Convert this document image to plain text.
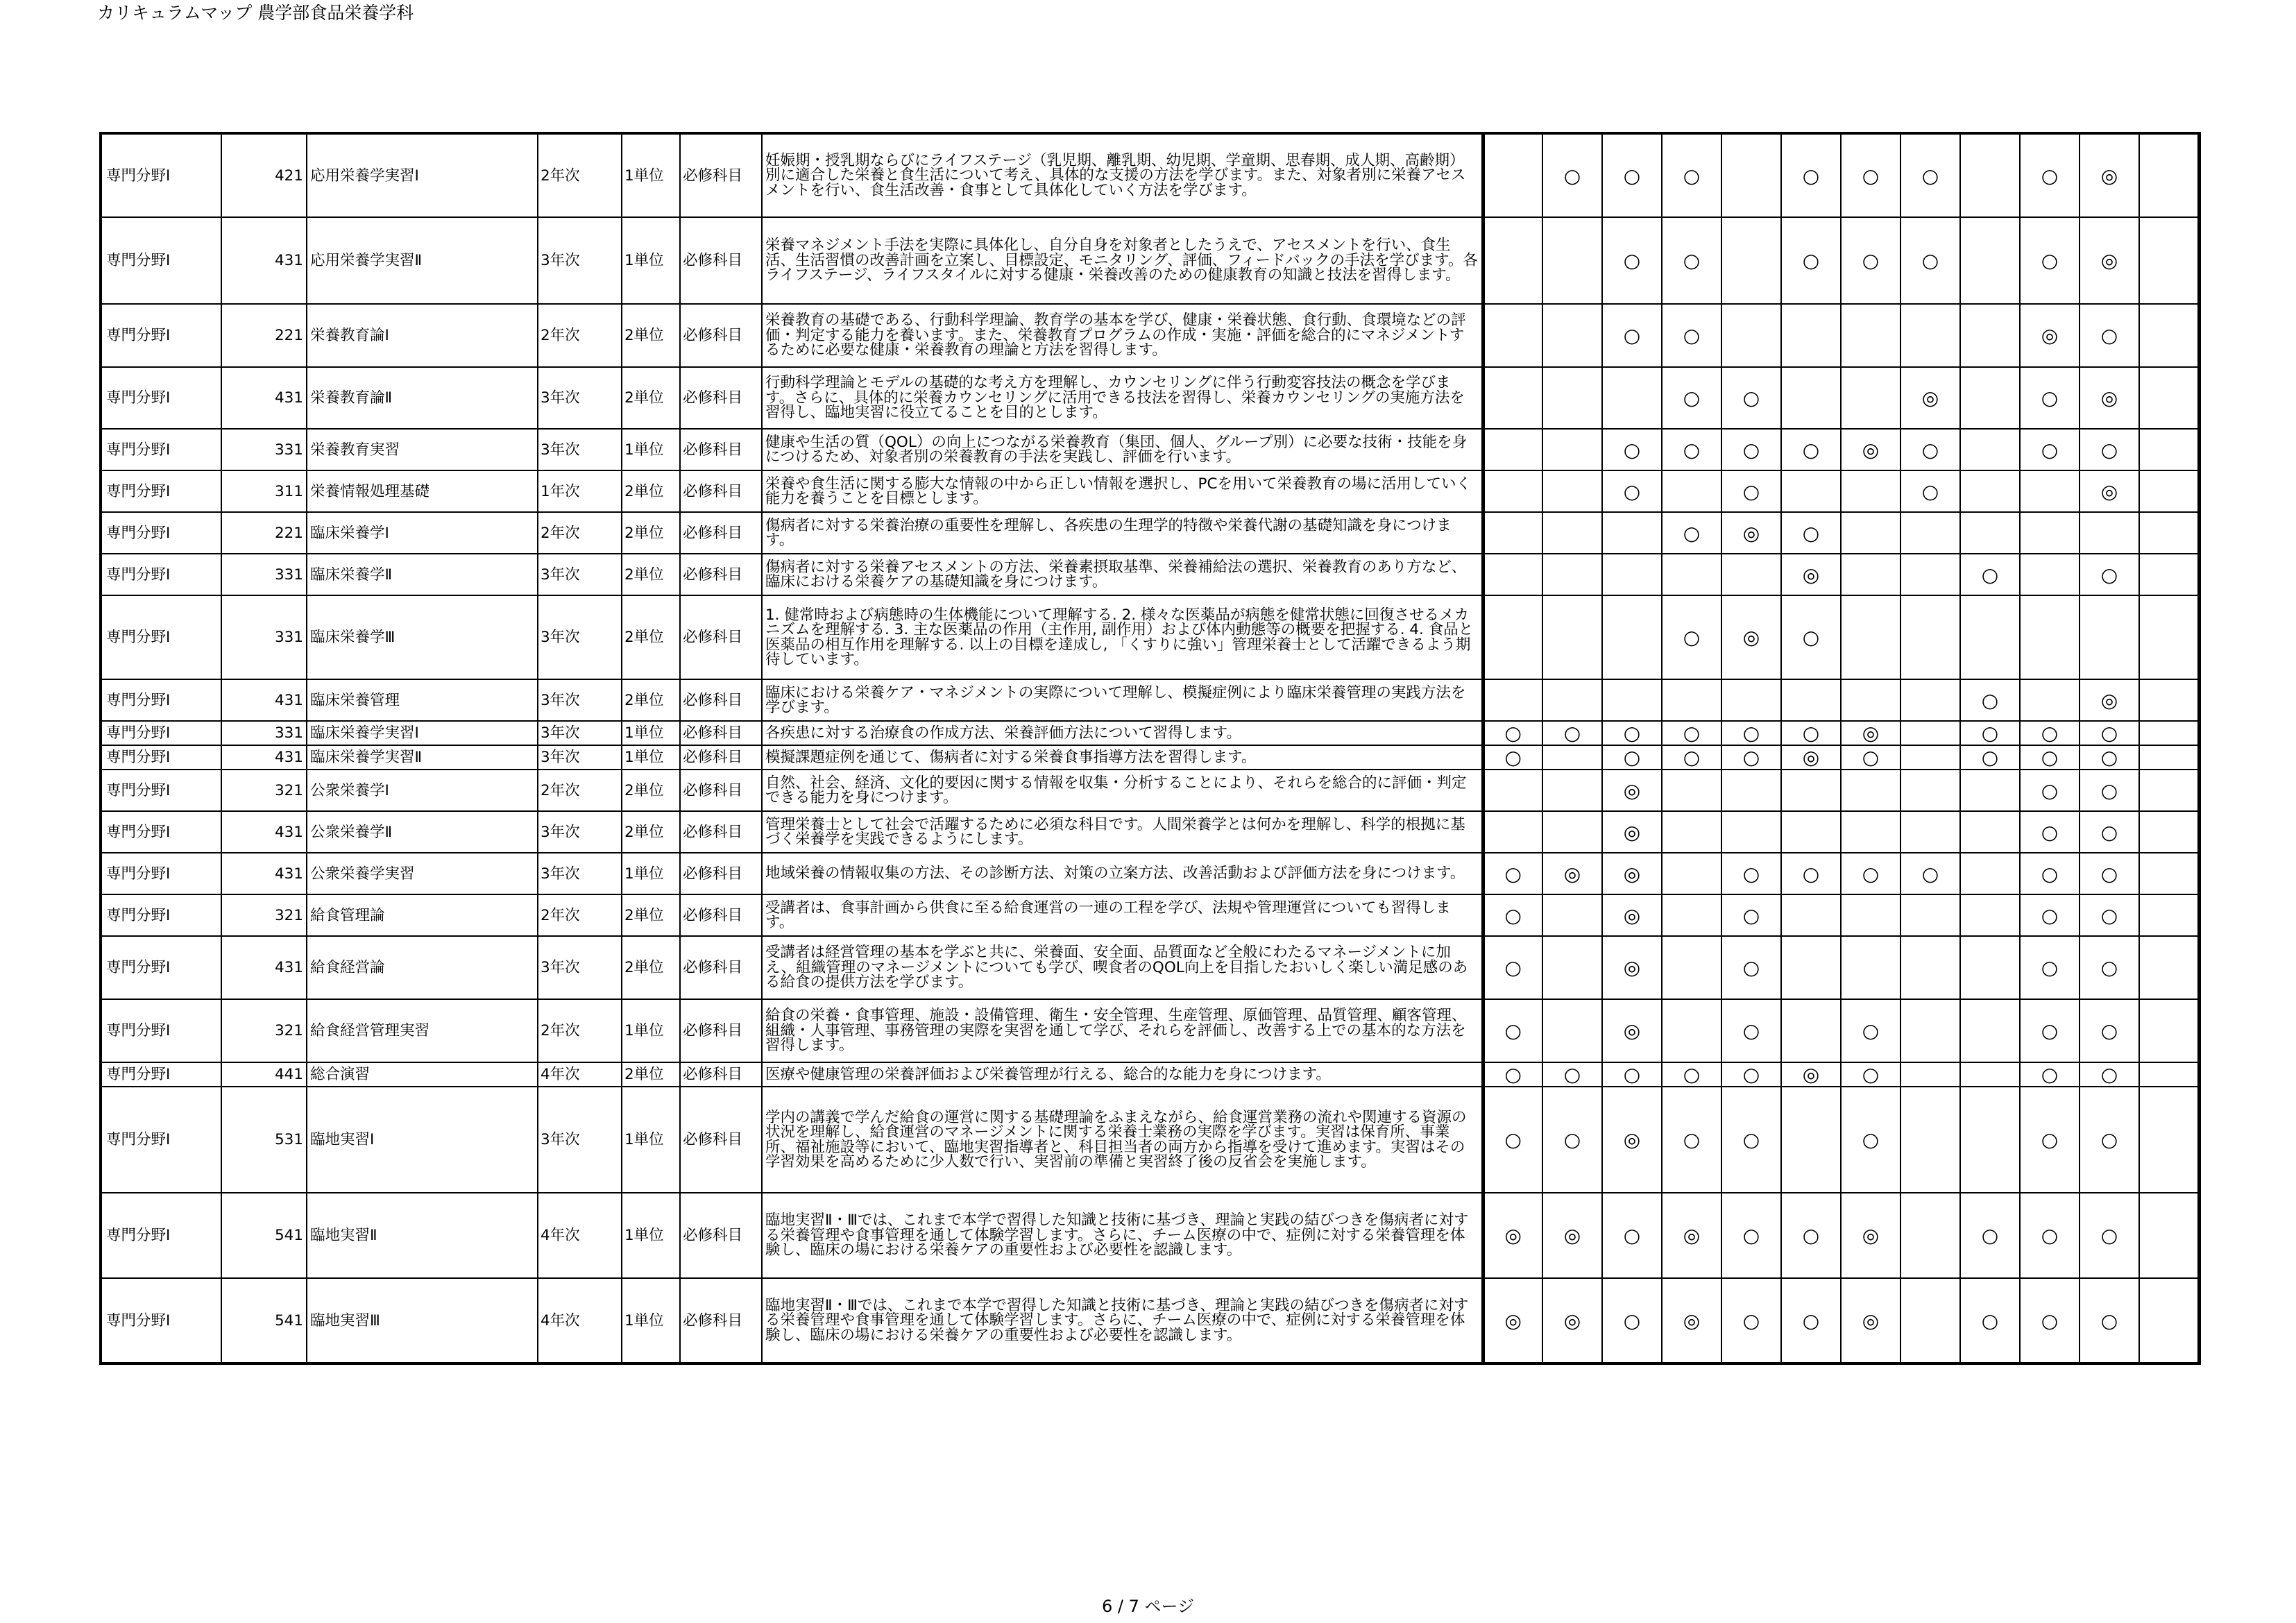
カリキュラムマップ 農学部食品栄養学科
専門分野Ⅰ	421	応用栄養学実習Ⅰ	2年次	1単位	必修科目	妊娠期・授乳期ならびにライフステージ（乳児期、離乳期、幼児期、学童期、思春期、成人期、高齢期）別に適合した栄養と食生活について考え、具体的な支援の方法を学びます。また、対象者別に栄養アセスメントを行い、食生活改善・食事として具体化していく方法を学びます。		○	○	○		○	○	○		○	◎	
専門分野Ⅰ	431	応用栄養学実習Ⅱ	3年次	1単位	必修科目	栄養マネジメント手法を実際に具体化し、自分自身を対象者としたうえで、アセスメントを行い、食生活、生活習慣の改善計画を立案し、目標設定、モニタリング、評価、フィードバックの手法を学びます。各ライフステージ、ライフスタイルに対する健康・栄養改善のための健康教育の知識と技法を習得します。			○	○		○	○	○		○	◎	
専門分野Ⅰ	221	栄養教育論Ⅰ	2年次	2単位	必修科目	栄養教育の基礎である、行動科学理論、教育学の基本を学び、健康・栄養状態、食行動、食環境などの評価・判定する能力を養います。また、栄養教育プログラムの作成・実施・評価を総合的にマネジメントするために必要な健康・栄養教育の理論と方法を習得します。			○	○						◎	○	
専門分野Ⅰ	431	栄養教育論Ⅱ	3年次	2単位	必修科目	行動科学理論とモデルの基礎的な考え方を理解し、カウンセリングに伴う行動変容技法の概念を学びます。さらに、具体的に栄養カウンセリングに活用できる技法を習得し、栄養カウンセリングの実施方法を習得し、臨地実習に役立てることを目的とします。				○	○			◎		○	◎	
専門分野Ⅰ	331	栄養教育実習	3年次	1単位	必修科目	健康や生活の質（QOL）の向上につながる栄養教育（集団、個人、グループ別）に必要な技術・技能を身につけるため、対象者別の栄養教育の手法を実践し、評価を行います。			○	○	○	○	◎	○		○	○	
専門分野Ⅰ	311	栄養情報処理基礎	1年次	2単位	必修科目	栄養や食生活に関する膨大な情報の中から正しい情報を選択し、PCを用いて栄養教育の場に活用していく能力を養うことを目標とします。			○		○			○			◎	
専門分野Ⅰ	221	臨床栄養学Ⅰ	2年次	2単位	必修科目	傷病者に対する栄養治療の重要性を理解し、各疾患の生理学的特徴や栄養代謝の基礎知識を身につけます。				○	◎	○						
専門分野Ⅰ	331	臨床栄養学Ⅱ	3年次	2単位	必修科目	傷病者に対する栄養アセスメントの方法、栄養素摂取基準、栄養補給法の選択、栄養教育のあり方など、臨床における栄養ケアの基礎知識を身につけます。						◎			○		○	
専門分野Ⅰ	331	臨床栄養学Ⅲ	3年次	2単位	必修科目	1. 健常時および病態時の生体機能について理解する. 2. 様々な医薬品が病態を健常状態に回復させるメカニズムを理解する. 3. 主な医薬品の作用（主作用, 副作用）および体内動態等の概要を把握する. 4. 食品と医薬品の相互作用を理解する. 以上の目標を達成し, 「くすりに強い」管理栄養士として活躍できるよう期待しています。				○	◎	○						
専門分野Ⅰ	431	臨床栄養管理	3年次	2単位	必修科目	臨床における栄養ケア・マネジメントの実際について理解し、模擬症例により臨床栄養管理の実践方法を学びます。									○		◎	
専門分野Ⅰ	331	臨床栄養学実習Ⅰ	3年次	1単位	必修科目	各疾患に対する治療食の作成方法、栄養評価方法について習得します。	○	○	○	○	○	○	◎		○	○	○	
専門分野Ⅰ	431	臨床栄養学実習Ⅱ	3年次	1単位	必修科目	模擬課題症例を通じて、傷病者に対する栄養食事指導方法を習得します。	○		○	○	○	◎	○		○	○	○	
専門分野Ⅰ	321	公衆栄養学Ⅰ	2年次	2単位	必修科目	自然、社会、経済、文化的要因に関する情報を収集・分析することにより、それらを総合的に評価・判定できる能力を身につけます。			◎							○	○	
専門分野Ⅰ	431	公衆栄養学Ⅱ	3年次	2単位	必修科目	管理栄養士として社会で活躍するために必須な科目です。人間栄養学とは何かを理解し、科学的根拠に基づく栄養学を実践できるようにします。			◎							○	○	
専門分野Ⅰ	431	公衆栄養学実習	3年次	1単位	必修科目	地域栄養の情報収集の方法、その診断方法、対策の立案方法、改善活動および評価方法を身につけます。	○	◎	◎		○	○	○	○		○	○	
専門分野Ⅰ	321	給食管理論	2年次	2単位	必修科目	受講者は、食事計画から供食に至る給食運営の一連の工程を学び、法規や管理運営についても習得します。	○		◎		○					○	○	
専門分野Ⅰ	431	給食経営論	3年次	2単位	必修科目	受講者は経営管理の基本を学ぶと共に、栄養面、安全面、品質面など全般にわたるマネージメントに加え、組織管理のマネージメントについても学び、喫食者のQOL向上を目指したおいしく楽しい満足感のある給食の提供方法を学びます。	○		◎		○					○	○	
専門分野Ⅰ	321	給食経営管理実習	2年次	1単位	必修科目	給食の栄養・食事管理、施設・設備管理、衛生・安全管理、生産管理、原価管理、品質管理、顧客管理、組織・人事管理、事務管理の実際を実習を通して学び、それらを評価し、改善する上での基本的な方法を習得します。	○		◎		○		○			○	○	
専門分野Ⅰ	441	総合演習	4年次	2単位	必修科目	医療や健康管理の栄養評価および栄養管理が行える、総合的な能力を身につけます。	○	○	○	○	○	◎	○			○	○	
専門分野Ⅰ	531	臨地実習Ⅰ	3年次	1単位	必修科目	学内の講義で学んだ給食の運営に関する基礎理論をふまえながら、給食運営業務の流れや関連する資源の状況を理解し、給食運営のマネージメントに関する栄養士業務の実際を学びます。実習は保育所、事業所、福祉施設等において、臨地実習指導者と、科目担当者の両方から指導を受けて進めます。実習はその学習効果を高めるために少人数で行い、実習前の準備と実習終了後の反省会を実施します。	○	○	◎	○	○		○			○	○	
専門分野Ⅰ	541	臨地実習Ⅱ	4年次	1単位	必修科目	臨地実習Ⅱ・Ⅲでは、これまで本学で習得した知識と技術に基づき、理論と実践の結びつきを傷病者に対する栄養管理や食事管理を通して体験学習します。さらに、チーム医療の中で、症例に対する栄養管理を体験し、臨床の場における栄養ケアの重要性および必要性を認識します。	◎	◎	○	◎	○	○	◎		○	○	○	
専門分野Ⅰ	541	臨地実習Ⅲ	4年次	1単位	必修科目	臨地実習Ⅱ・Ⅲでは、これまで本学で習得した知識と技術に基づき、理論と実践の結びつきを傷病者に対する栄養管理や食事管理を通して体験学習します。さらに、チーム医療の中で、症例に対する栄養管理を体験し、臨床の場における栄養ケアの重要性および必要性を認識します。	◎	◎	○	◎	○	○	◎		○	○	○	
6 / 7 ページ
